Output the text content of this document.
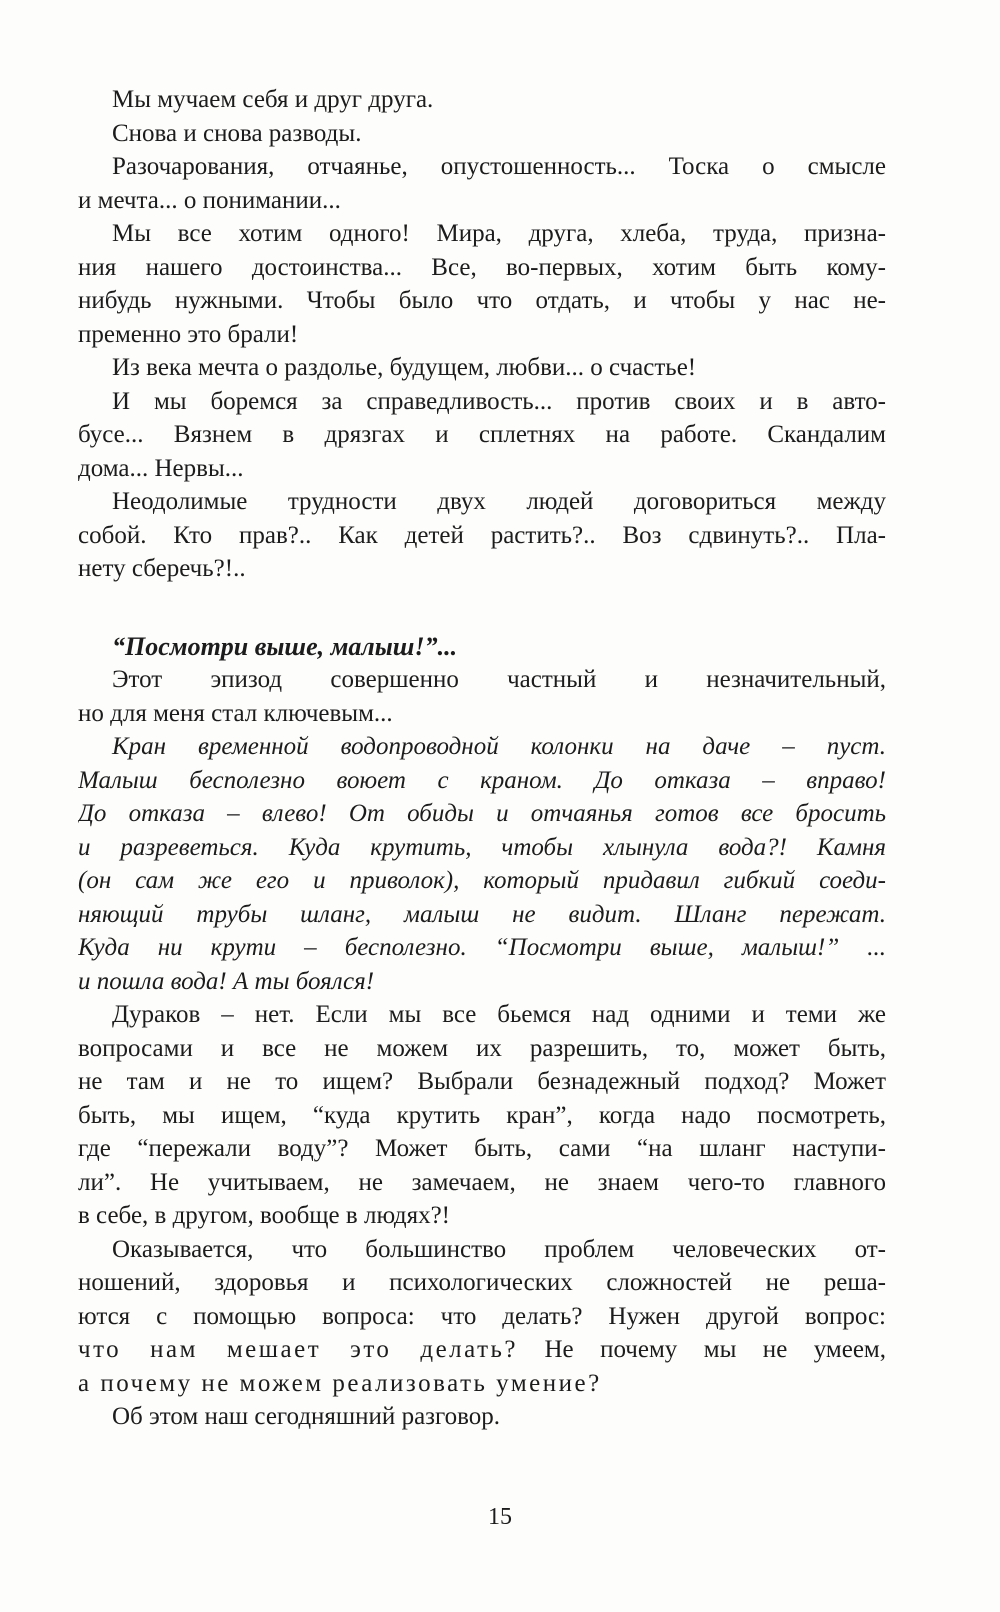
Мы мучаем себя и друг друга.
Снова и снова разводы.
Разочарования, отчаянье, опустошенность... Тоска о смысле
и мечта... о понимании...
Мы все хотим одного! Мира, друга, хлеба, труда, призна-
ния нашего достоинства... Все, во-первых, хотим быть кому-
нибудь нужными. Чтобы было что отдать, и чтобы у нас не-
пременно это брали!
Из века мечта о раздолье, будущем, любви... о счастье!
И мы боремся за справедливость... против своих и в авто-
бусе... Вязнем в дрязгах и сплетнях на работе. Скандалим
дома... Нервы...
Неодолимые трудности двух людей договориться между
собой. Кто прав?.. Как детей растить?.. Воз сдвинуть?.. Пла-
нету сберечь?!..
“Посмотри выше, малыш!”...
Этот эпизод совершенно частный и незначительный,
но для меня стал ключевым...
Кран временной водопроводной колонки на даче – пуст.
Малыш бесполезно воюет с краном. До отказа – вправо!
До отказа – влево! От обиды и отчаянья готов все бросить
и разреветься. Куда крутить, чтобы хлынула вода?! Камня
(он сам же его и приволок), который придавил гибкий соеди-
няющий трубы шланг, малыш не видит. Шланг пережат.
Куда ни крути – бесполезно. “Посмотри выше, малыш!” ...
и пошла вода! А ты боялся!
Дураков – нет. Если мы все бьемся над одними и теми же
вопросами и все не можем их разрешить, то, может быть,
не там и не то ищем? Выбрали безнадежный подход? Может
быть, мы ищем, “куда крутить кран”, когда надо посмотреть,
где “пережали воду”? Может быть, сами “на шланг наступи-
ли”. Не учитываем, не замечаем, не знаем чего-то главного
в себе, в другом, вообще в людях?!
Оказывается, что большинство проблем человеческих от-
ношений, здоровья и психологических сложностей не реша-
ются с помощью вопроса: что делать? Нужен другой вопрос:
что нам мешает это делать? Не почему мы не умеем,
а почему не можем реализовать умение?
Об этом наш сегодняшний разговор.
15
